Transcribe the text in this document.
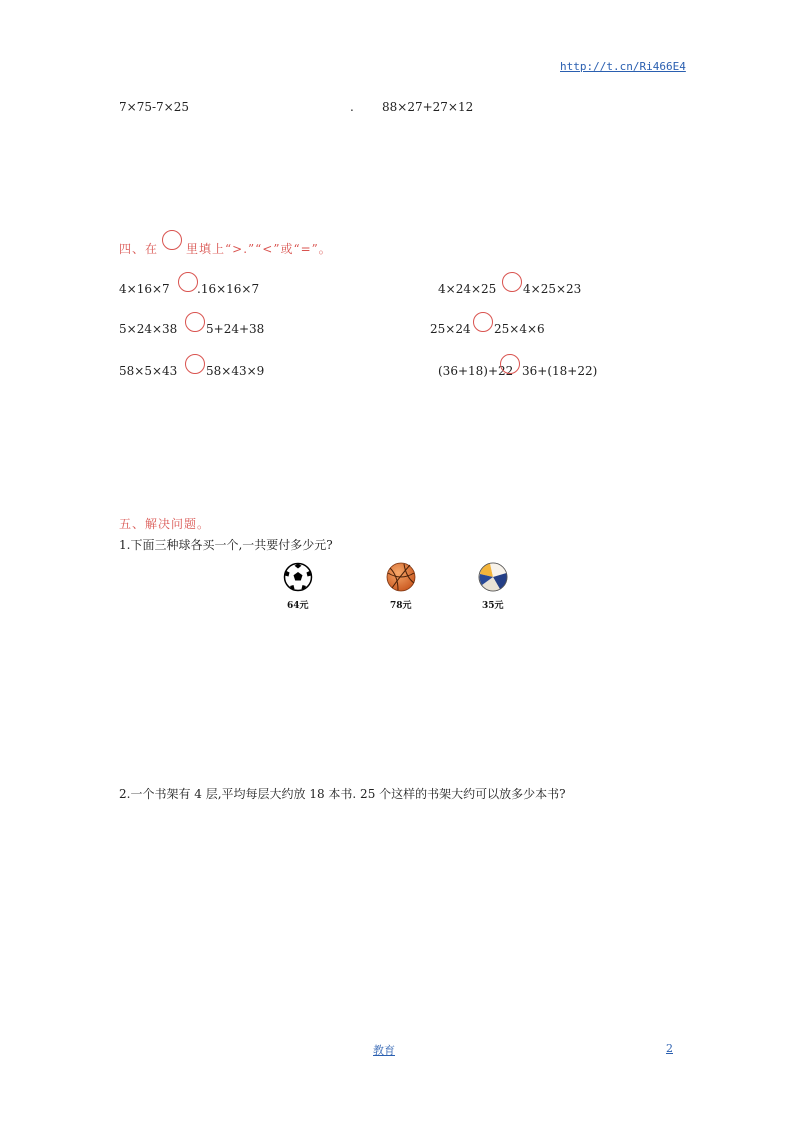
http://t.cn/Ri466E4
7×75-7×25	. 88×27+27×12
四、在 里填上“>.”“<”或“=”。
4×16×7 .16×16×7	4×24×25 4×25×23
5×24×38 5+24+38	25×24 25×4×6
58×5×43 58×43×9	(36+18)+22 36+(18+22)
五、解决问题。
1.下面三种球各买一个,一共要付多少元?
64元	78元	35元
2.一个书架有 4 层,平均每层大约放 18 本书. 25 个这样的书架大约可以放多少本书?
教育	2
